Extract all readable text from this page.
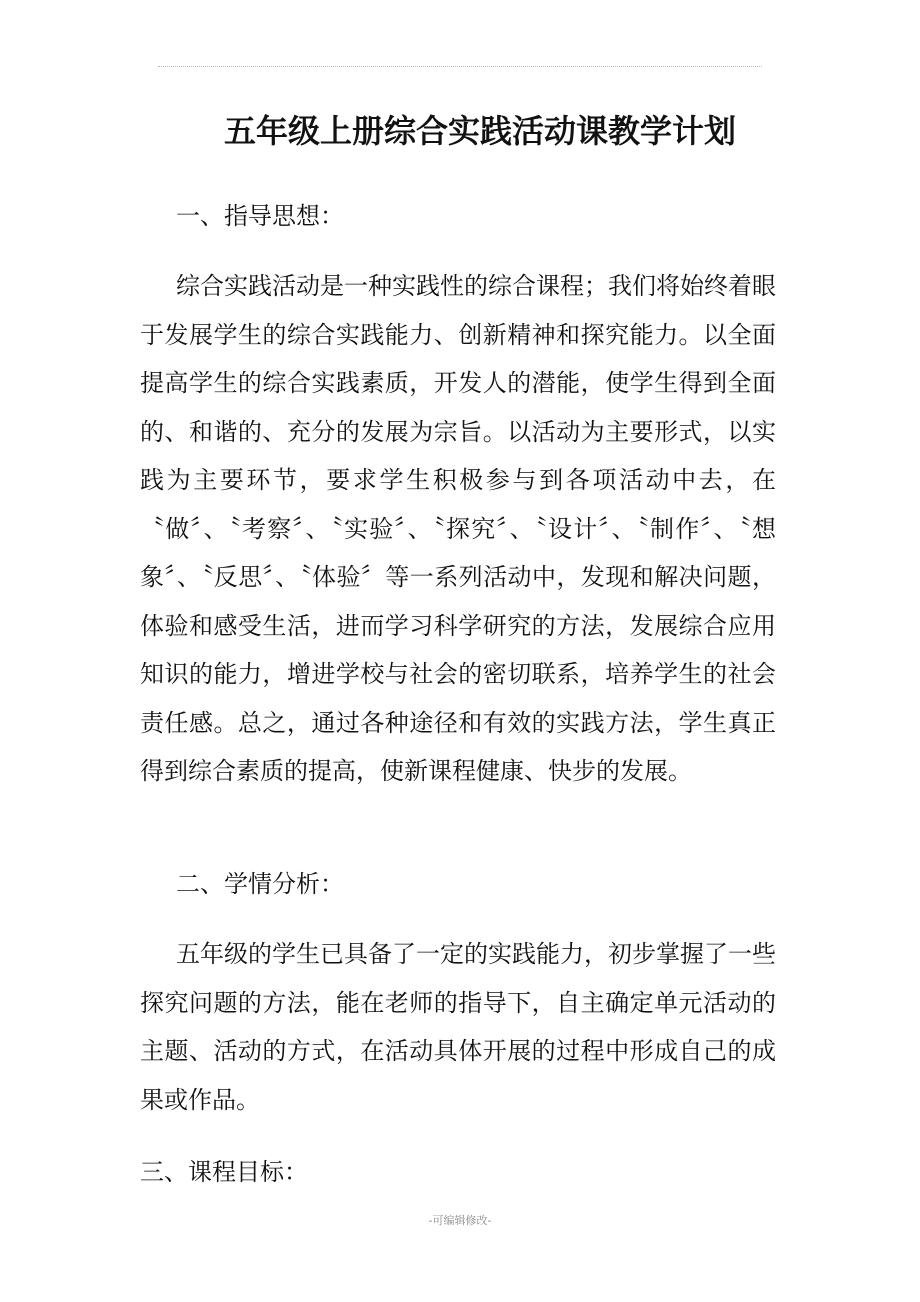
五年级上册综合实践活动课教学计划
一、指导思想：

综合实践活动是一种实践性的综合课程；我们将始终着眼于发展学生的综合实践能力、创新精神和探究能力。以全面提高学生的综合实践素质，开发人的潜能，使学生得到全面的、和谐的、充分的发展为宗旨。以活动为主要形式，以实践为主要环节，要求学生积极参与到各项活动中去，在〝做〞、〝考察〞、〝实验〞、〝探究〞、〝设计〞、〝制作〞、〝想象〞、〝反思〞、〝体验〞等一系列活动中，发现和解决问题，体验和感受生活，进而学习科学研究的方法，发展综合应用知识的能力，增进学校与社会的密切联系，培养学生的社会责任感。总之，通过各种途径和有效的实践方法，学生真正得到综合素质的提高，使新课程健康、快步的发展。

二、学情分析：

五年级的学生已具备了一定的实践能力，初步掌握了一些探究问题的方法，能在老师的指导下，自主确定单元活动的主题、活动的方式，在活动具体开展的过程中形成自己的成果或作品。

三、课程目标：
-可编辑修改-
